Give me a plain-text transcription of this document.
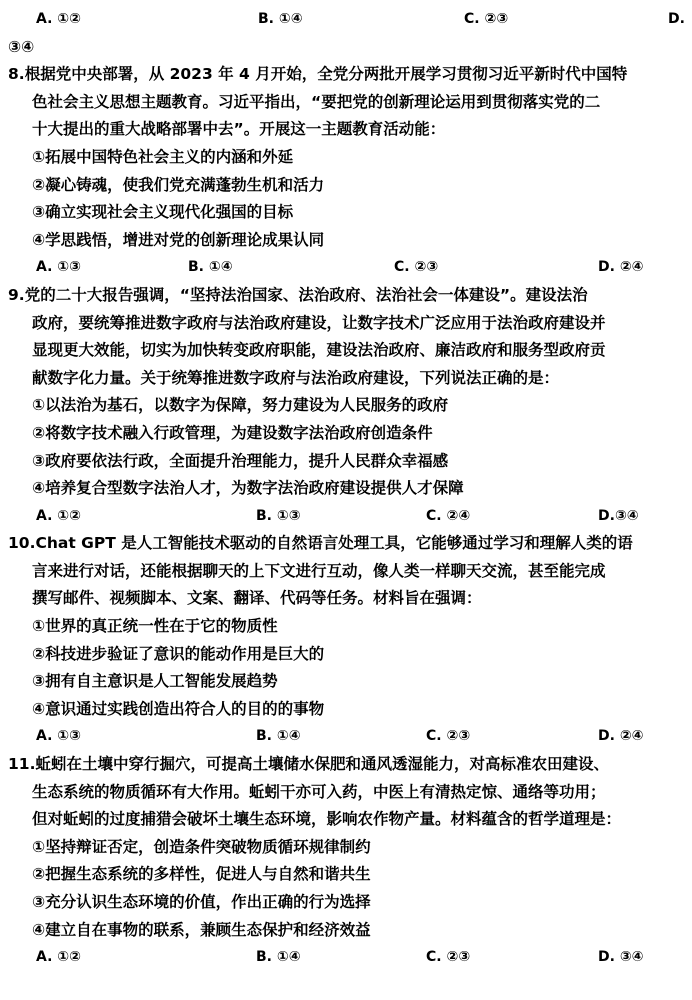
A. ①②	B. ①④	C. ②③	D.
③④
8.根据党中央部署，从 2023 年 4 月开始，全党分两批开展学习贯彻习近平新时代中国特
色社会主义思想主题教育。习近平指出，“要把党的创新理论运用到贯彻落实党的二
十大提出的重大战略部署中去”。开展这一主题教育活动能：
①拓展中国特色社会主义的内涵和外延
②凝心铸魂，使我们党充满蓬勃生机和活力
③确立实现社会主义现代化强国的目标
④学思践悟，增进对党的创新理论成果认同
A. ①③	B. ①④	C. ②③	D. ②④
9.党的二十大报告强调，“坚持法治国家、法治政府、法治社会一体建设”。建设法治
政府，要统筹推进数字政府与法治政府建设，让数字技术广泛应用于法治政府建设并
显现更大效能，切实为加快转变政府职能，建设法治政府、廉洁政府和服务型政府贡
献数字化力量。关于统筹推进数字政府与法治政府建设，下列说法正确的是：
①以法治为基石，以数字为保障，努力建设为人民服务的政府
②将数字技术融入行政管理，为建设数字法治政府创造条件
③政府要依法行政，全面提升治理能力，提升人民群众幸福感
④培养复合型数字法治人才，为数字法治政府建设提供人才保障
A. ①②	B. ①③	C. ②④	D.③④
10.Chat GPT 是人工智能技术驱动的自然语言处理工具，它能够通过学习和理解人类的语
言来进行对话，还能根据聊天的上下文进行互动，像人类一样聊天交流，甚至能完成
撰写邮件、视频脚本、文案、翻译、代码等任务。材料旨在强调：
①世界的真正统一性在于它的物质性
②科技进步验证了意识的能动作用是巨大的
③拥有自主意识是人工智能发展趋势
④意识通过实践创造出符合人的目的的事物
A. ①③	B. ①④	C. ②③	D. ②④
11.蚯蚓在土壤中穿行掘穴，可提高土壤储水保肥和通风透湿能力，对高标准农田建设、
生态系统的物质循环有大作用。蚯蚓干亦可入药，中医上有清热定惊、通络等功用；
但对蚯蚓的过度捕猎会破坏土壤生态环境，影响农作物产量。材料蕴含的哲学道理是：
①坚持辩证否定，创造条件突破物质循环规律制约
②把握生态系统的多样性，促进人与自然和谐共生
③充分认识生态环境的价值，作出正确的行为选择
④建立自在事物的联系，兼顾生态保护和经济效益
A. ①②	B. ①④	C. ②③	D. ③④
